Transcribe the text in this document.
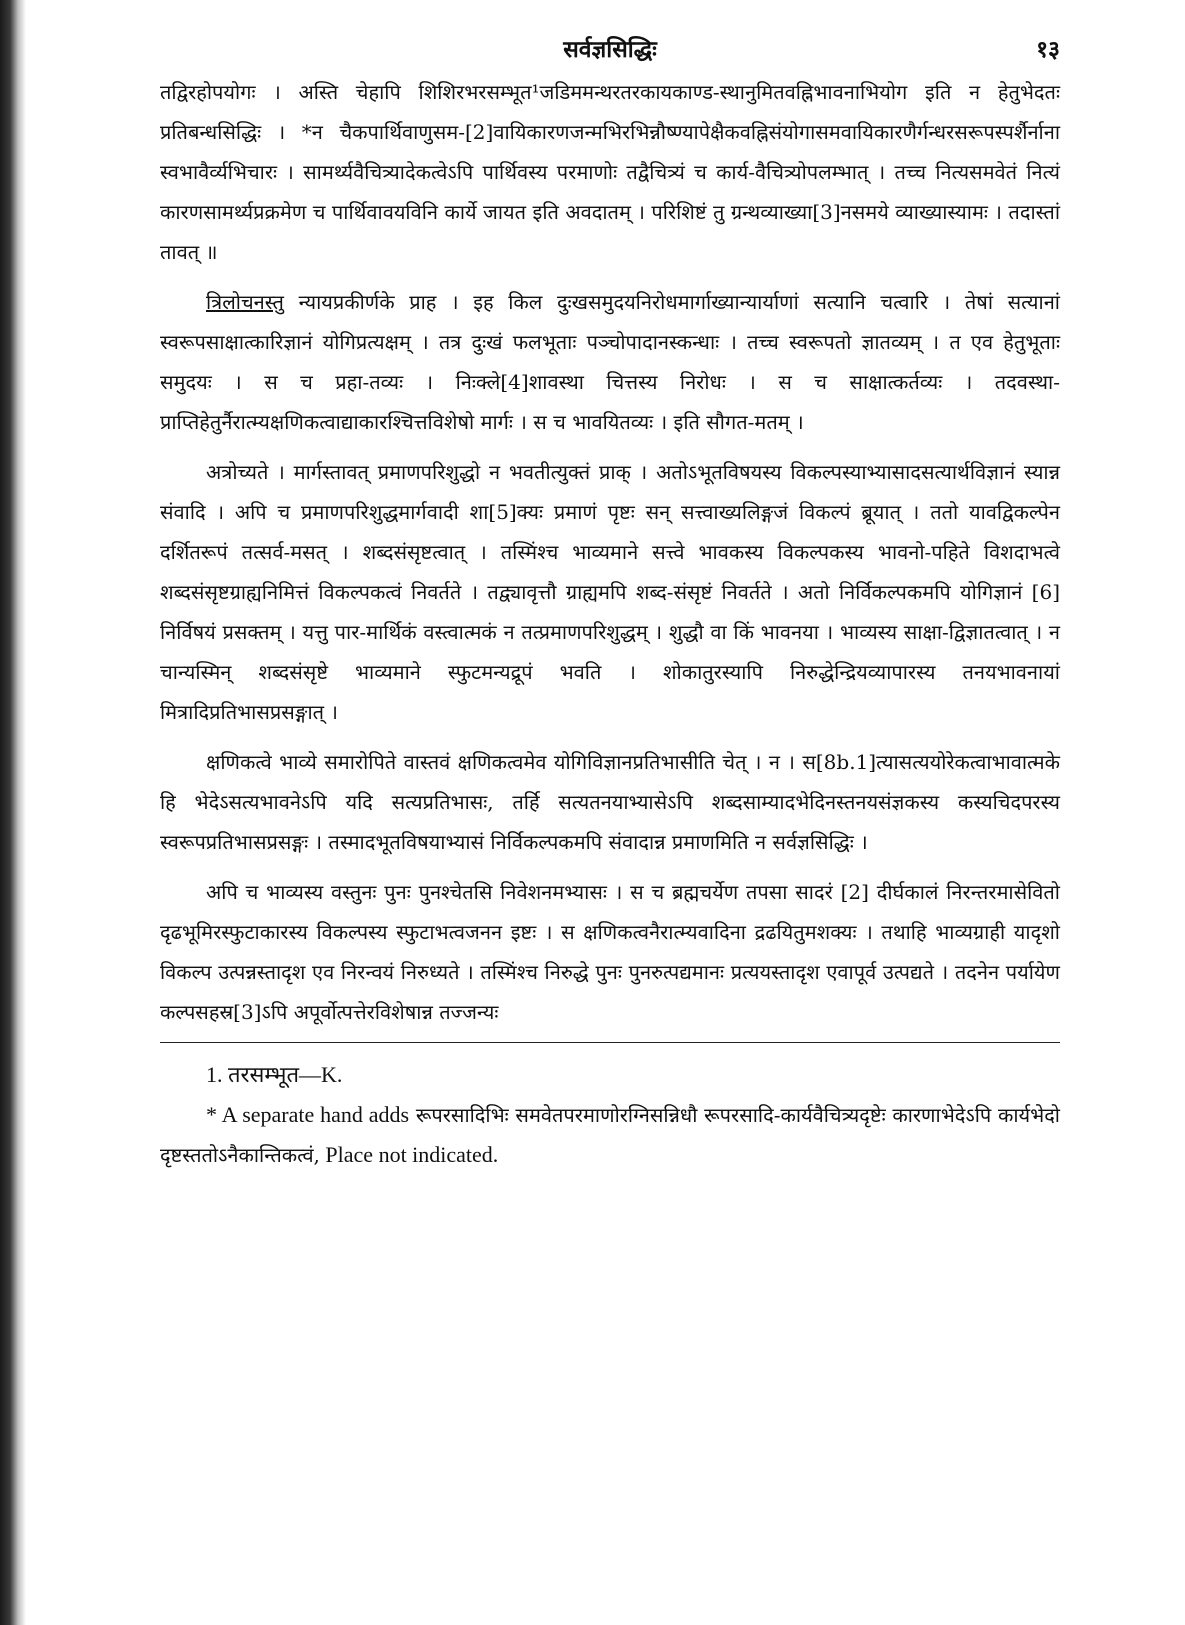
सर्वज्ञसिद्धिः	१३

तद्विरहोपयोगः । अस्ति चेहापि शिशिरभरसम्भूत¹जडिममन्थरतरकायकाण्ड-स्थानुमितवह्निभावनाभियोग इति न हेतुभेदतः प्रतिबन्धसिद्धिः । *न चैकपार्थिवाणुसम-[2]वायिकारणजन्मभिरभिन्नौष्ण्यापेक्षैकवह्निसंयोगासमवायिकारणैर्गन्धरसरूपस्पर्शैर्नाना स्वभावैर्व्यभिचारः । सामर्थ्यवैचित्र्यादेकत्वेऽपि पार्थिवस्य परमाणोः तद्वैचित्र्यं च कार्य-वैचित्र्योपलम्भात् । तच्च नित्यसमवेतं नित्यं कारणसामर्थ्यप्रक्रमेण च पार्थिवावयविनि कार्ये जायत इति अवदातम् । परिशिष्टं तु ग्रन्थव्याख्या[3]नसमये व्याख्यास्यामः । तदास्तां तावत् ॥

त्रिलोचनस्तु न्यायप्रकीर्णके प्राह । इह किल दुःखसमुदयनिरोधमार्गाख्यान्यार्याणां सत्यानि चत्वारि । तेषां सत्यानां स्वरूपसाक्षात्कारिज्ञानं योगिप्रत्यक्षम् । तत्र दुःखं फलभूताः पञ्चोपादानस्कन्धाः । तच्च स्वरूपतो ज्ञातव्यम् । त एव हेतुभूताः समुदयः । स च प्रहा-तव्यः । निःक्ले[4]शावस्था चित्तस्य निरोधः । स च साक्षात्कर्तव्यः । तदवस्था-प्राप्तिहेतुर्नैरात्म्यक्षणिकत्वाद्याकारश्चित्तविशेषो मार्गः । स च भावयितव्यः । इति सौगत-मतम् ।

अत्रोच्यते । मार्गस्तावत् प्रमाणपरिशुद्धो न भवतीत्युक्तं प्राक् । अतोऽभूतविषयस्य विकल्पस्याभ्यासादसत्यार्थविज्ञानं स्यान्न संवादि । अपि च प्रमाणपरिशुद्धमार्गवादी शा[5]क्यः प्रमाणं पृष्टः सन् सत्त्वाख्यलिङ्गजं विकल्पं ब्रूयात् । ततो यावद्विकल्पेन दर्शितरूपं तत्सर्व-मसत् । शब्दसंसृष्टत्वात् । तस्मिंश्च भाव्यमाने सत्त्वे भावकस्य विकल्पकस्य भावनो-पहिते विशदाभत्वे शब्दसंसृष्टग्राह्यनिमित्तं विकल्पकत्वं निवर्तते । तद्व्यावृत्तौ ग्राह्यमपि शब्द-संसृष्टं निवर्तते । अतो निर्विकल्पकमपि योगिज्ञानं [6] निर्विषयं प्रसक्तम् । यत्तु पार-मार्थिकं वस्त्वात्मकं न तत्प्रमाणपरिशुद्धम् । शुद्धौ वा किं भावनया । भाव्यस्य साक्षा-द्विज्ञातत्वात् । न चान्यस्मिन् शब्दसंसृष्टे भाव्यमाने स्फुटमन्यद्रूपं भवति । शोकातुरस्यापि निरुद्धेन्द्रियव्यापारस्य तनयभावनायां मित्रादिप्रतिभासप्रसङ्गात् ।

क्षणिकत्वे भाव्ये समारोपिते वास्तवं क्षणिकत्वमेव योगिविज्ञानप्रतिभासीति चेत् । न । स[8b.1]त्यासत्ययोरेकत्वाभावात्मके हि भेदेऽसत्यभावनेऽपि यदि सत्यप्रतिभासः, तर्हि सत्यतनयाभ्यासेऽपि शब्दसाम्यादभेदिनस्तनयसंज्ञकस्य कस्यचिदपरस्य स्वरूपप्रतिभासप्रसङ्गः । तस्मादभूतविषयाभ्यासं निर्विकल्पकमपि संवादान्न प्रमाणमिति न सर्वज्ञसिद्धिः ।

अपि च भाव्यस्य वस्तुनः पुनः पुनश्चेतसि निवेशनमभ्यासः । स च ब्रह्मचर्येण तपसा सादरं [2] दीर्घकालं निरन्तरमासेवितो दृढभूमिरस्फुटाकारस्य विकल्पस्य स्फुटाभत्वजनन इष्टः । स क्षणिकत्वनैरात्म्यवादिना द्रढयितुमशक्यः । तथाहि भाव्यग्राही यादृशो विकल्प उत्पन्नस्तादृश एव निरन्वयं निरुध्यते । तस्मिंश्च निरुद्धे पुनः पुनरुत्पद्यमानः प्रत्ययस्तादृश एवापूर्व उत्पद्यते । तदनेन पर्यायेण कल्पसहस्र[3]ऽपि अपूर्वोत्पत्तेरविशेषान्न तज्जन्यः

1. तरसम्भूत—K.

* A separate hand adds रूपरसादिभिः समवेतपरमाणोरग्निसन्निधौ रूपरसादि-कार्यवैचित्र्यदृष्टेः कारणाभेदेऽपि कार्यभेदो दृष्टस्ततोऽनैकान्तिकत्वं, Place not indicated.
